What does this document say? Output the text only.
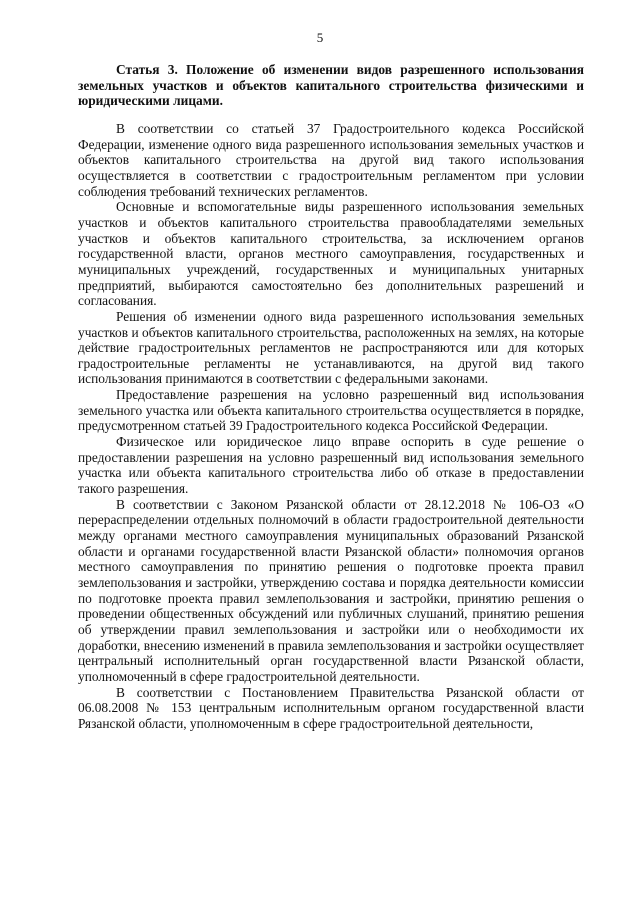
5

Статья 3. Положение об изменении видов разрешенного использования земельных участков и объектов капитального строительства физическими и юридическими лицами.

В соответствии со статьей 37 Градостроительного кодекса Российской Федерации, изменение одного вида разрешенного использования земельных участков и объектов капитального строительства на другой вид такого использования осуществляется в соответствии с градостроительным регламентом при условии соблюдения требований технических регламентов.

Основные и вспомогательные виды разрешенного использования земельных участков и объектов капитального строительства правообладателями земельных участков и объектов капитального строительства, за исключением органов государственной власти, органов местного самоуправления, государственных и муниципальных учреждений, государственных и муниципальных унитарных предприятий, выбираются самостоятельно без дополнительных разрешений и согласования.

Решения об изменении одного вида разрешенного использования земельных участков и объектов капитального строительства, расположенных на землях, на которые действие градостроительных регламентов не распространяются или для которых градостроительные регламенты не устанавливаются, на другой вид такого использования принимаются в соответствии с федеральными законами.

Предоставление разрешения на условно разрешенный вид использования земельного участка или объекта капитального строительства осуществляется в порядке, предусмотренном статьей 39 Градостроительного кодекса Российской Федерации.

Физическое или юридическое лицо вправе оспорить в суде решение о предоставлении разрешения на условно разрешенный вид использования земельного участка или объекта капитального строительства либо об отказе в предоставлении такого разрешения.

В соответствии с Законом Рязанской области от 28.12.2018 № 106-ОЗ «О перераспределении отдельных полномочий в области градостроительной деятельности между органами местного самоуправления муниципальных образований Рязанской области и органами государственной власти Рязанской области» полномочия органов местного самоуправления по принятию решения о подготовке проекта правил землепользования и застройки, утверждению состава и порядка деятельности комиссии по подготовке проекта правил землепользования и застройки, принятию решения о проведении общественных обсуждений или публичных слушаний, принятию решения об утверждении правил землепользования и застройки или о необходимости их доработки, внесению изменений в правила землепользования и застройки осуществляет центральный исполнительный орган государственной власти Рязанской области, уполномоченный в сфере градостроительной деятельности.

В соответствии с Постановлением Правительства Рязанской области от 06.08.2008 № 153 центральным исполнительным органом государственной власти Рязанской области, уполномоченным в сфере градостроительной деятельности,
